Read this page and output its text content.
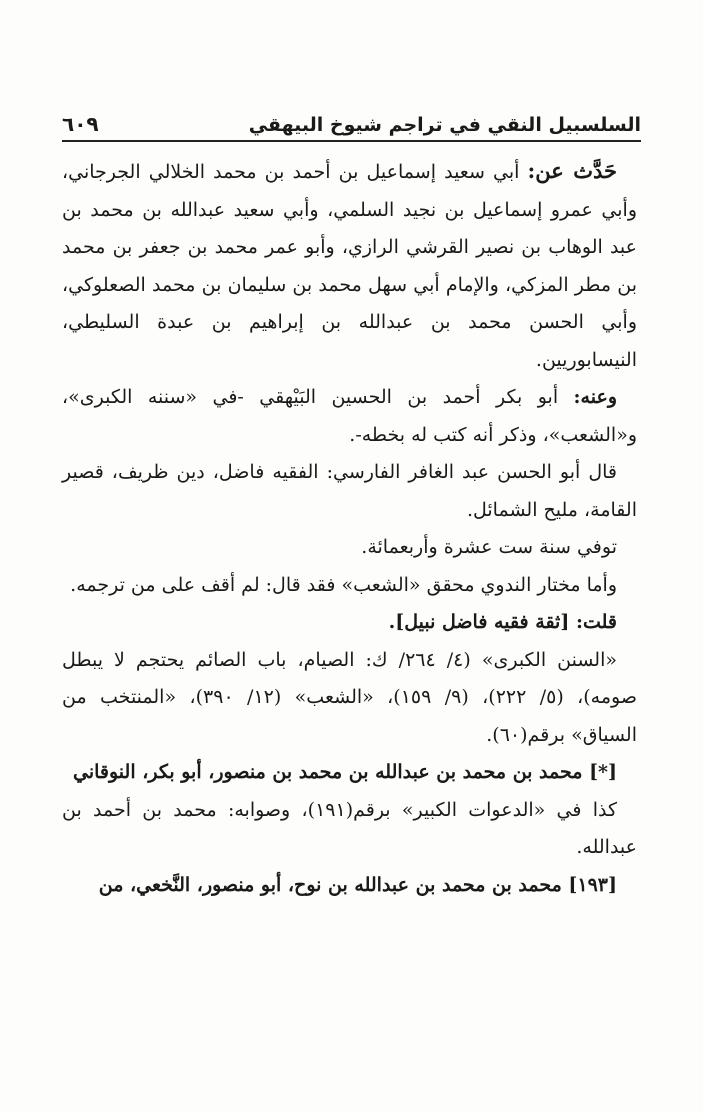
السلسبيل النقي في تراجم شيوخ البيهقي
٦٠٩

حَدَّث عن: أبي سعيد إسماعيل بن أحمد بن محمد الخلالي الجرجاني، وأبي عمرو إسماعيل بن نجيد السلمي، وأبي سعيد عبدالله بن محمد بن عبد الوهاب بن نصير القرشي الرازي، وأبو عمر محمد بن جعفر بن محمد بن مطر المزكي، والإمام أبي سهل محمد بن سليمان بن محمد الصعلوكي، وأبي الحسن محمد بن عبدالله بن إبراهيم بن عبدة السليطي، النيسابوريين.

وعنه: أبو بكر أحمد بن الحسين البَيْهقي -في «سننه الكبرى»، و«الشعب»، وذكر أنه كتب له بخطه-.

قال أبو الحسن عبد الغافر الفارسي: الفقيه فاضل، دين ظريف، قصير القامة، مليح الشمائل.

توفي سنة ست عشرة وأربعمائة.

وأما مختار الندوي محقق «الشعب» فقد قال: لم أقف على من ترجمه.

قلت: [ثقة فقيه فاضل نبيل].

«السنن الكبرى» (٤/ ٢٦٤/ ك: الصيام، باب الصائم يحتجم لا يبطل صومه)، (٥/ ٢٢٢)، (٩/ ١٥٩)، «الشعب» (١٢/ ٣٩٠)، «المنتخب من السياق» برقم(٦٠).

[*] محمد بن محمد بن عبدالله بن محمد بن منصور، أبو بكر، النوقاني

كذا في «الدعوات الكبير» برقم(١٩١)، وصوابه: محمد بن أحمد بن عبدالله.

[١٩٣] محمد بن محمد بن عبدالله بن نوح، أبو منصور، النَّخعي، من
